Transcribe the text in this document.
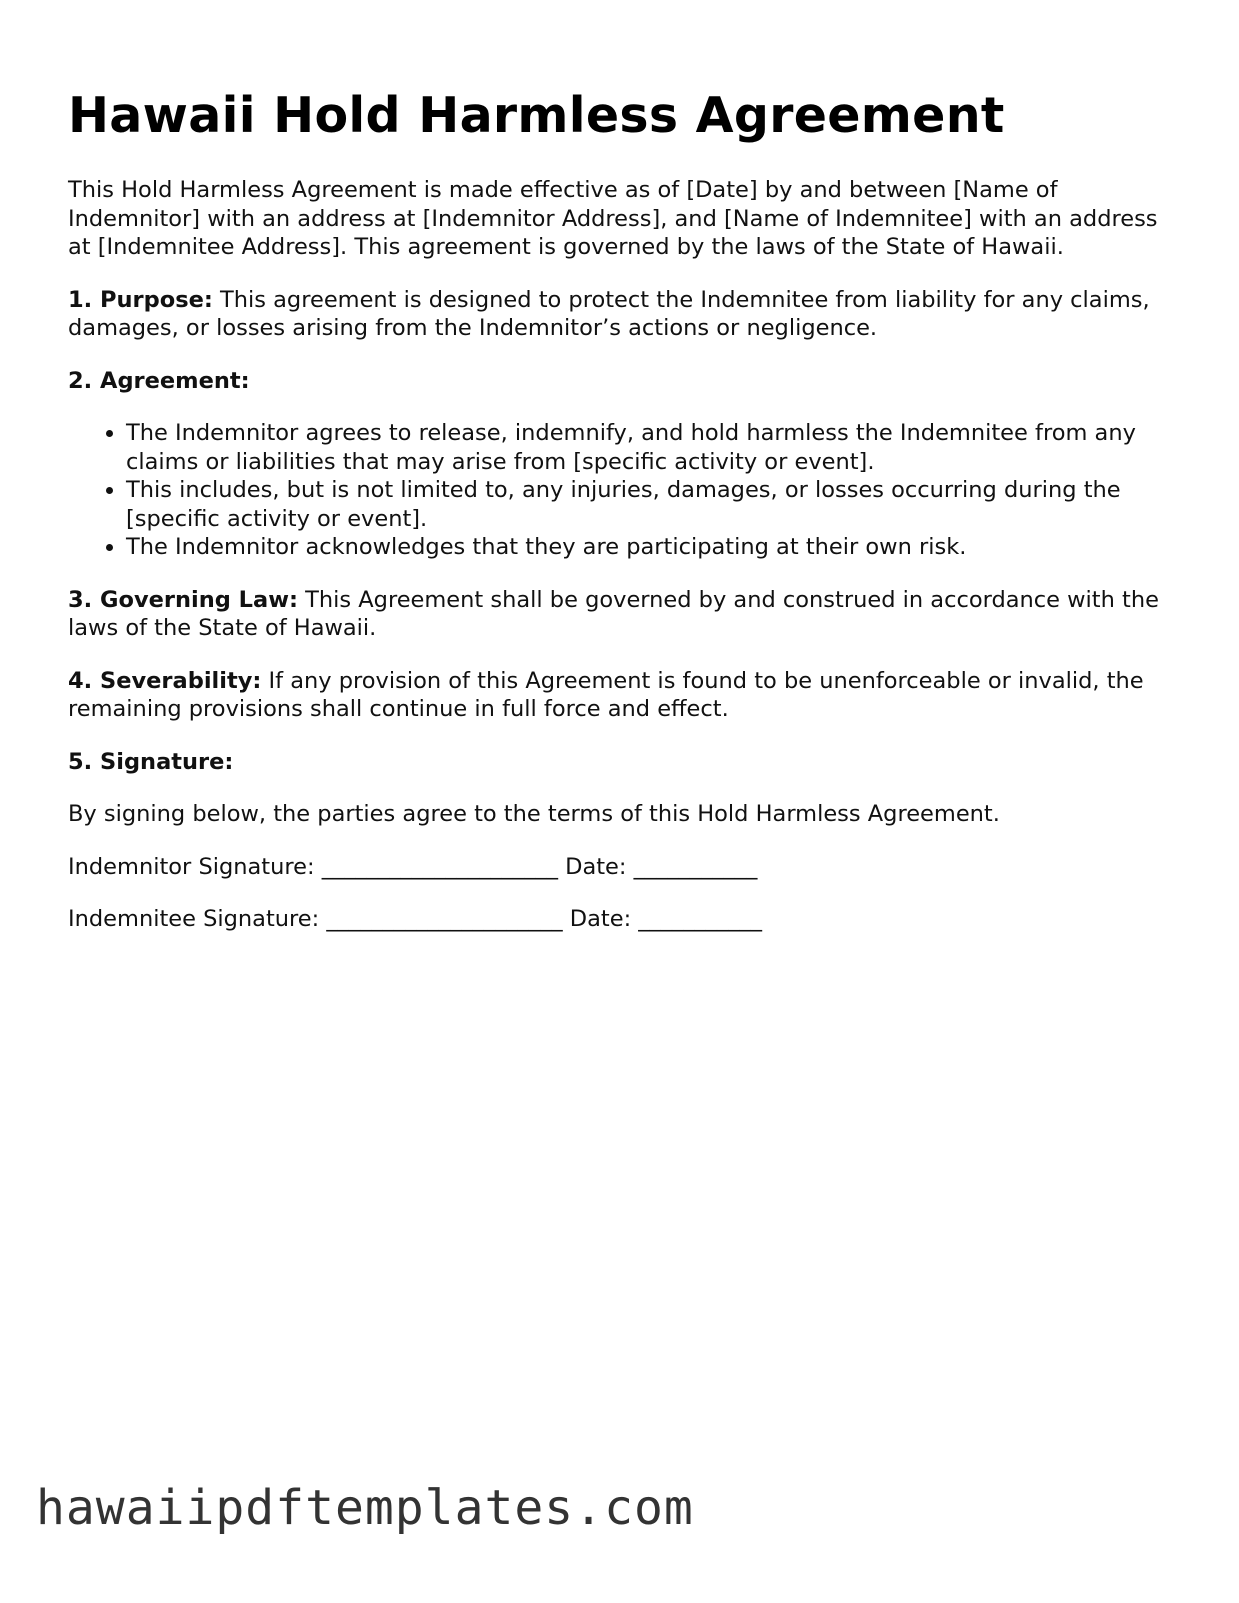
Hawaii Hold Harmless Agreement

This Hold Harmless Agreement is made effective as of [Date] by and between [Name of Indemnitor] with an address at [Indemnitor Address], and [Name of Indemnitee] with an address at [Indemnitee Address]. This agreement is governed by the laws of the State of Hawaii.

1. Purpose: This agreement is designed to protect the Indemnitee from liability for any claims, damages, or losses arising from the Indemnitor’s actions or negligence.

2. Agreement:

• The Indemnitor agrees to release, indemnify, and hold harmless the Indemnitee from any claims or liabilities that may arise from [specific activity or event].
• This includes, but is not limited to, any injuries, damages, or losses occurring during the [specific activity or event].
• The Indemnitor acknowledges that they are participating at their own risk.

3. Governing Law: This Agreement shall be governed by and construed in accordance with the laws of the State of Hawaii.

4. Severability: If any provision of this Agreement is found to be unenforceable or invalid, the remaining provisions shall continue in full force and effect.

5. Signature:

By signing below, the parties agree to the terms of this Hold Harmless Agreement.

Indemnitor Signature: _____________________ Date: ___________

Indemnitee Signature: _____________________ Date: ___________

hawaiipdftemplates.com
